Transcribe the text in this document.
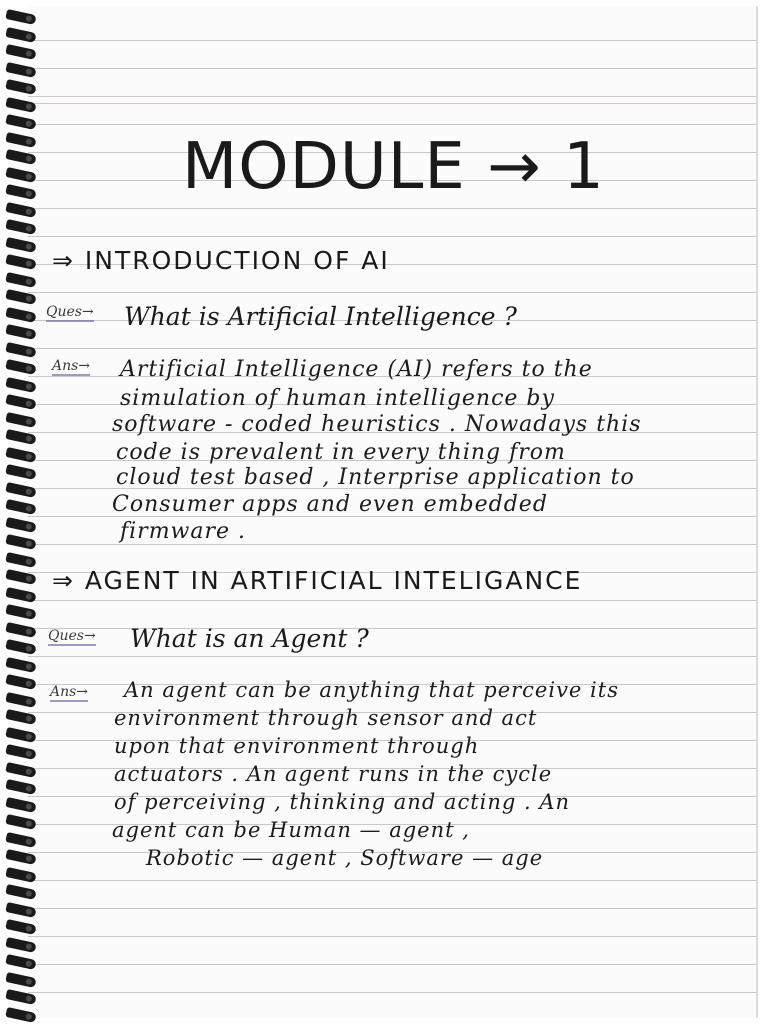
MODULE → 1
⇒ INTRODUCTION OF AI
Ques→ What is Artificial Intelligence ?
Ans→ Artificial Intelligence (AI) refers to the
simulation of human intelligence by
software - coded heuristics . Nowadays this
code is prevalent in every thing from
cloud test based , Interprise application to
Consumer apps and even embedded
firmware .
⇒ AGENT IN ARTIFICIAL INTELIGANCE
Ques→ What is an Agent ?
Ans→ An agent can be anything that perceive its
environment through sensor and act
upon that environment through
actuators . An agent runs in the cycle
of perceiving , thinking and acting . An
agent can be Human — agent ,
Robotic — agent , Software — age
